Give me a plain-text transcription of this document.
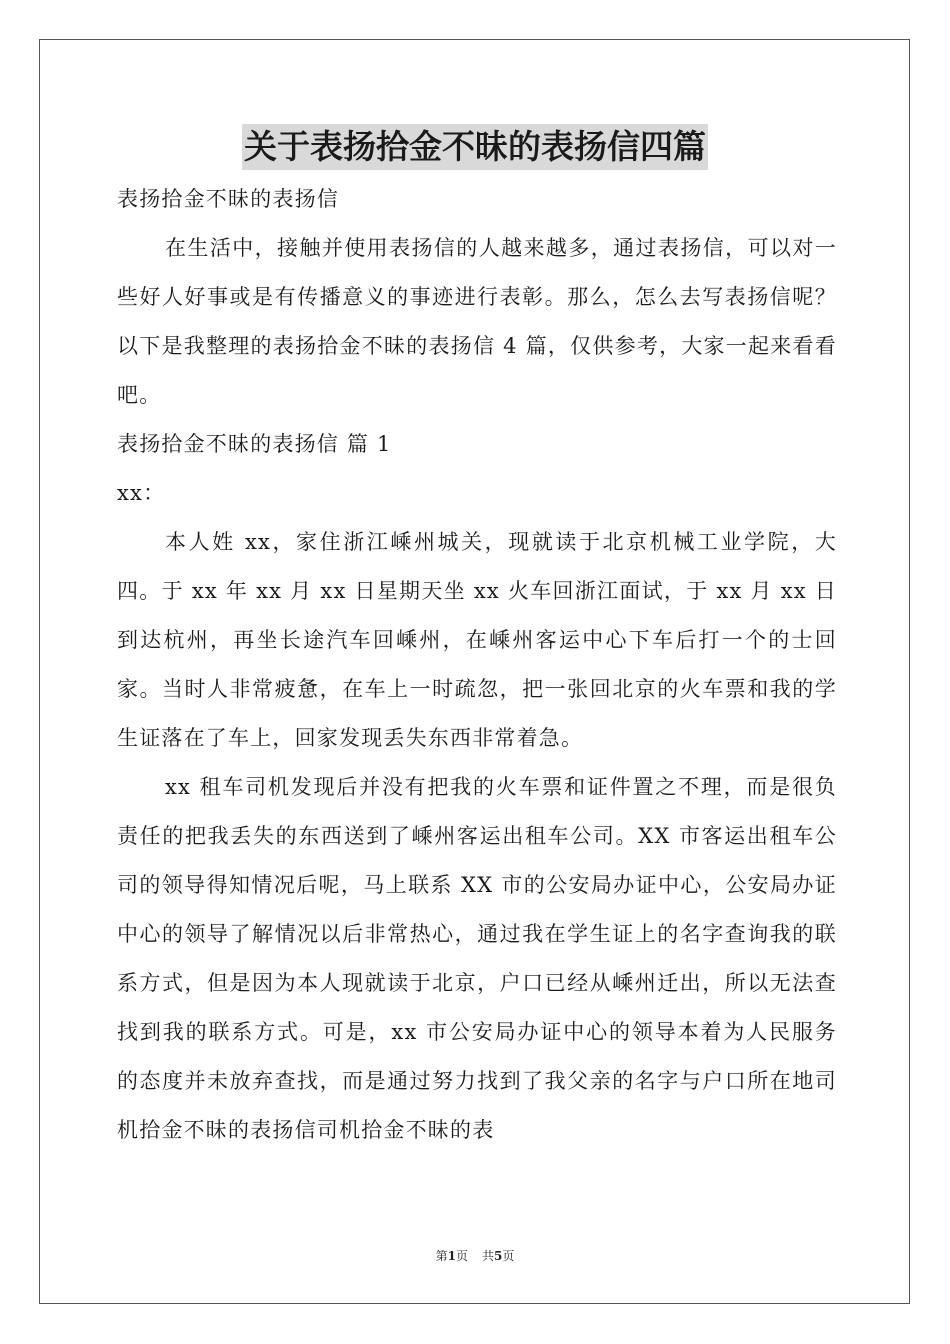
关于表扬拾金不昧的表扬信四篇
表扬拾金不昧的表扬信

在生活中，接触并使用表扬信的人越来越多，通过表扬信，可以对一些好人好事或是有传播意义的事迹进行表彰。那么，怎么去写表扬信呢？以下是我整理的表扬拾金不昧的表扬信 4 篇，仅供参考，大家一起来看看吧。

表扬拾金不昧的表扬信 篇 1
xx：

本人姓 xx，家住浙江嵊州城关，现就读于北京机械工业学院，大四。于 xx 年 xx 月 xx 日星期天坐 xx 火车回浙江面试，于 xx 月 xx 日到达杭州，再坐长途汽车回嵊州，在嵊州客运中心下车后打一个的士回家。当时人非常疲惫，在车上一时疏忽，把一张回北京的火车票和我的学生证落在了车上，回家发现丢失东西非常着急。

xx 租车司机发现后并没有把我的火车票和证件置之不理，而是很负责任的把我丢失的东西送到了嵊州客运出租车公司。XX 市客运出租车公司的领导得知情况后呢，马上联系 XX 市的公安局办证中心，公安局办证中心的领导了解情况以后非常热心，通过我在学生证上的名字查询我的联系方式，但是因为本人现就读于北京，户口已经从嵊州迁出，所以无法查找到我的联系方式。可是，xx 市公安局办证中心的领导本着为人民服务的态度并未放弃查找，而是通过努力找到了我父亲的名字与户口所在地司机拾金不昧的表扬信司机拾金不昧的表

第1页 共5页
